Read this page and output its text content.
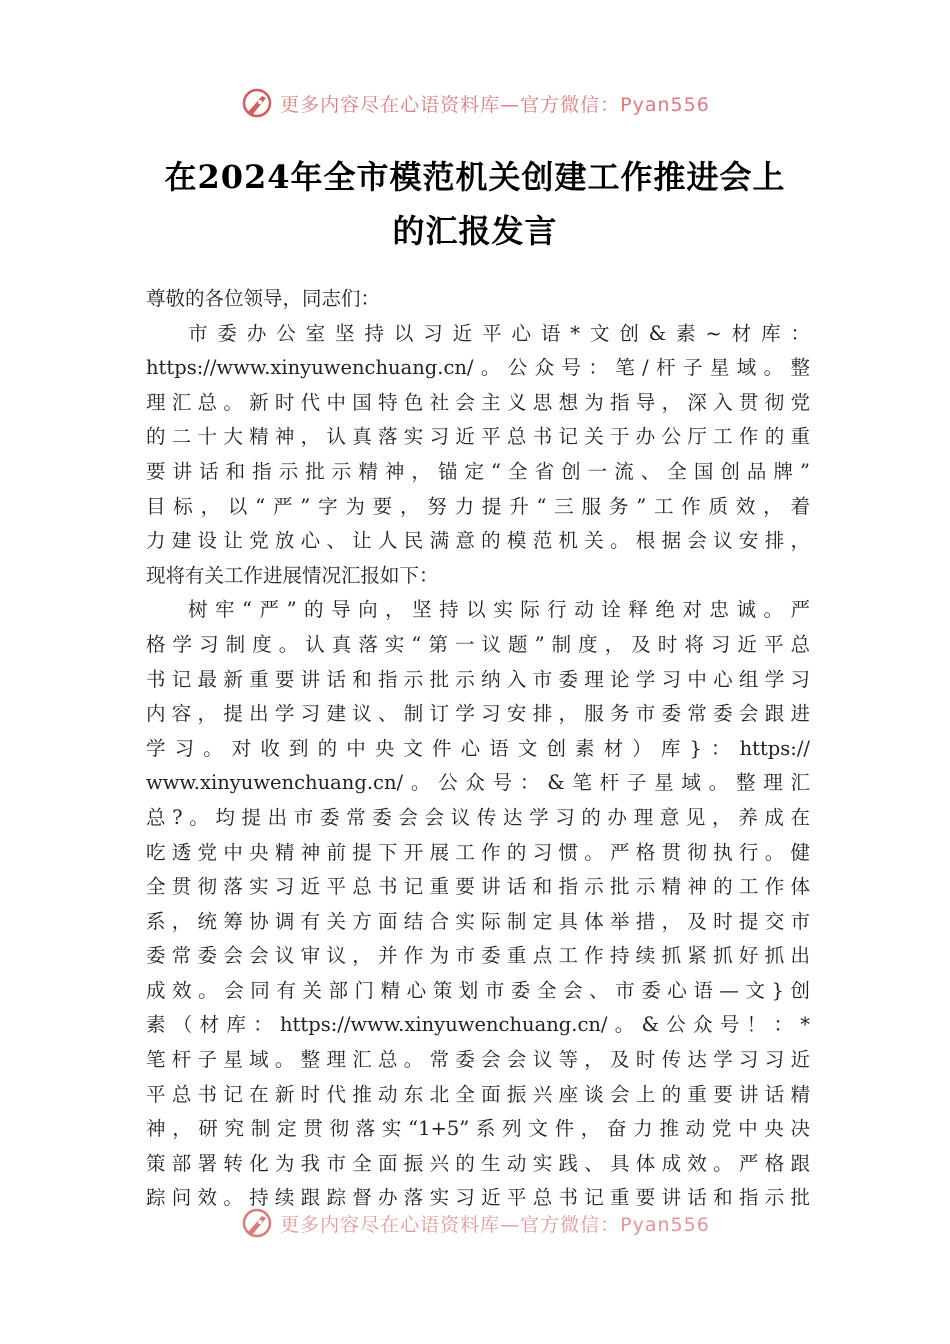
更多内容尽在心语资料库—官方微信：Pyan556
在2024年全市模范机关创建工作推进会上
的汇报发言
尊敬的各位领导，同志们：
市委办公室坚持以习近平心语*文创&素~材库：
https://www.xinyuwenchuang.cn/。公众号：笔/杆子星域。整
理汇总。新时代中国特色社会主义思想为指导，深入贯彻党
的二十大精神，认真落实习近平总书记关于办公厅工作的重
要讲话和指示批示精神，锚定“全省创一流、全国创品牌”
目标，以“严”字为要，努力提升“三服务”工作质效，着
力建设让党放心、让人民满意的模范机关。根据会议安排，
现将有关工作进展情况汇报如下：
树牢“严”的导向，坚持以实际行动诠释绝对忠诚。严
格学习制度。认真落实“第一议题”制度，及时将习近平总
书记最新重要讲话和指示批示纳入市委理论学习中心组学习
内容，提出学习建议、制订学习安排，服务市委常委会跟进
学习。对收到的中央文件心语文创素材）库}：https://
www.xinyuwenchuang.cn/。公众号：&笔杆子星域。整理汇
总?。均提出市委常委会会议传达学习的办理意见，养成在
吃透党中央精神前提下开展工作的习惯。严格贯彻执行。健
全贯彻落实习近平总书记重要讲话和指示批示精神的工作体
系，统筹协调有关方面结合实际制定具体举措，及时提交市
委常委会会议审议，并作为市委重点工作持续抓紧抓好抓出
成效。会同有关部门精心策划市委全会、市委心语—文}创
素（材库：https://www.xinyuwenchuang.cn/。&公众号！：*
笔杆子星域。整理汇总。常委会会议等，及时传达学习习近
平总书记在新时代推动东北全面振兴座谈会上的重要讲话精
神，研究制定贯彻落实“1+5”系列文件，奋力推动党中央决
策部署转化为我市全面振兴的生动实践、具体成效。严格跟
踪问效。持续跟踪督办落实习近平总书记重要讲话和指示批
更多内容尽在心语资料库—官方微信：Pyan556
